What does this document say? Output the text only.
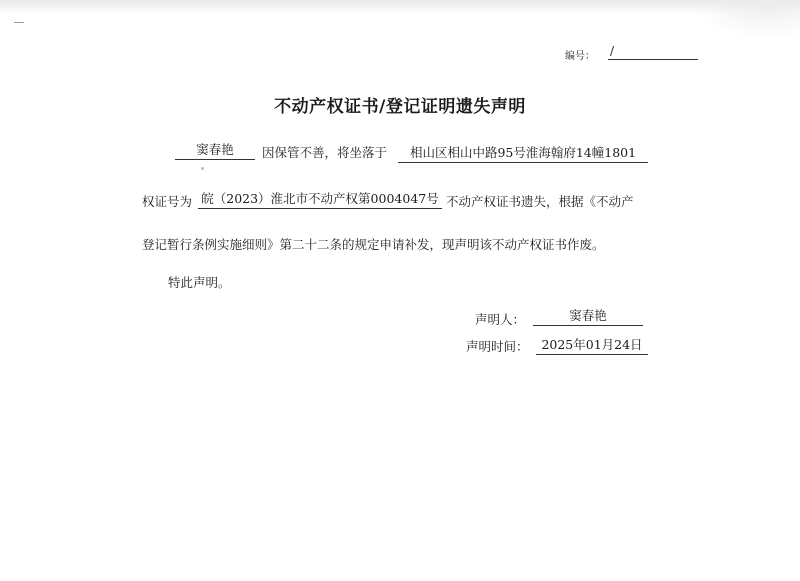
编号： /
不动产权证书/登记证明遗失声明
窦春艳	因保管不善，将坐落于	相山区相山中路95号淮海翰府14幢1801
权证号为 皖（2023）淮北市不动产权第0004047号 不动产权证书遗失，根据《不动产
登记暂行条例实施细则》第二十二条的规定申请补发，现声明该不动产权证书作废。
特此声明。
声明人：	窦春艳
声明时间：	2025年01月24日
